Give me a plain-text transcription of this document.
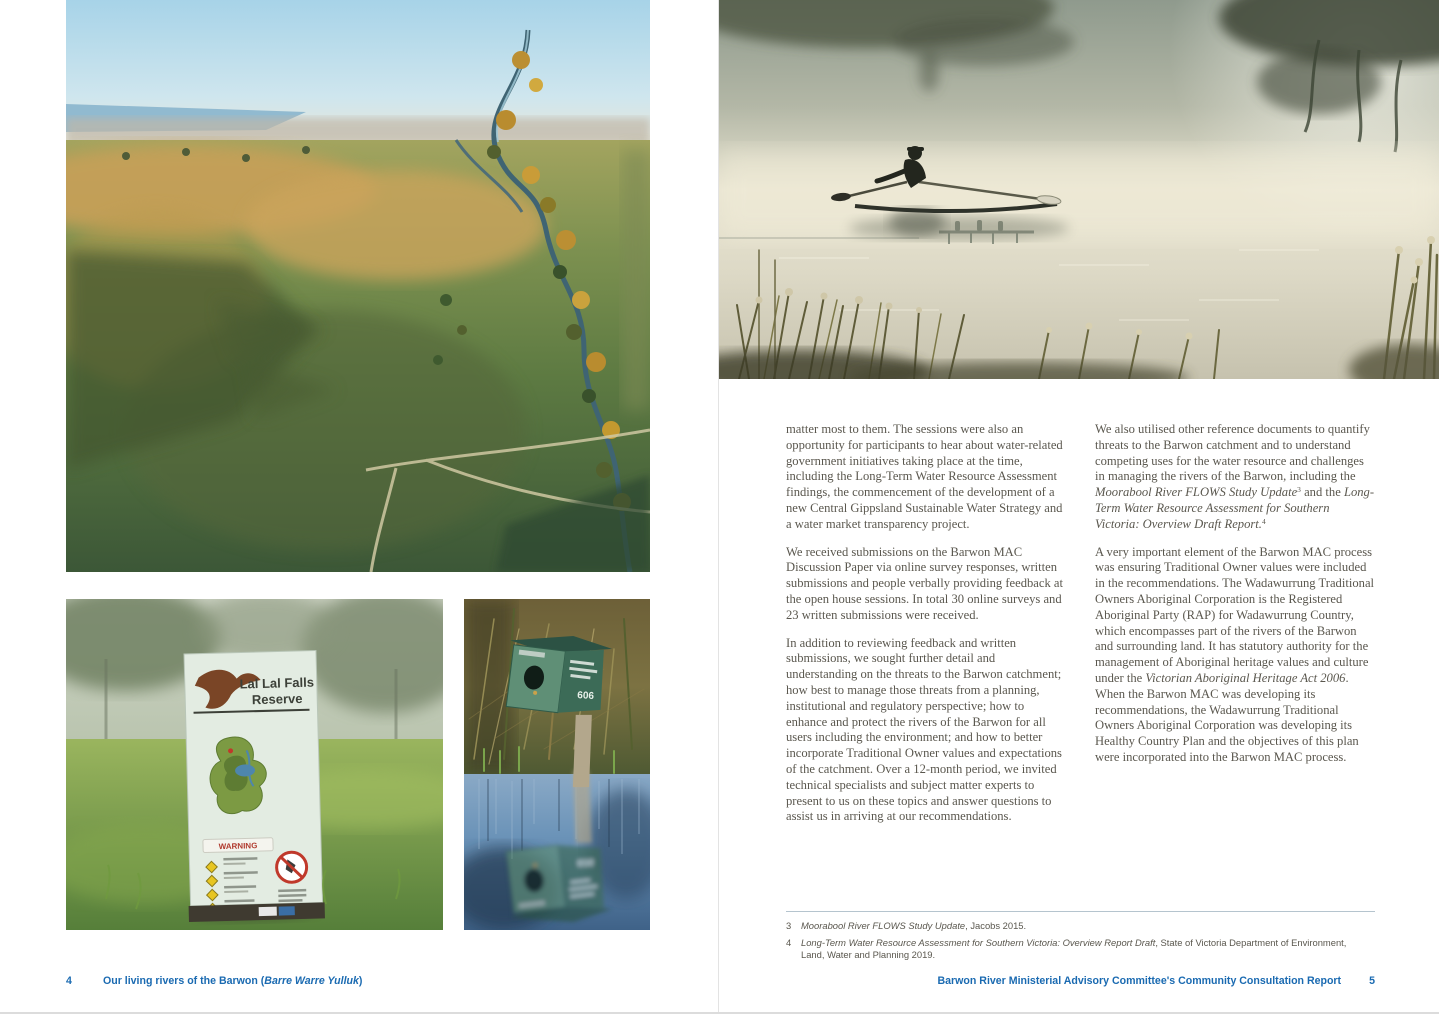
Lal Lal Falls
Reserve
WARNING
606
4	Our living rivers of the Barwon (Barre Warre Yulluk)

matter most to them. The sessions were also an opportunity for participants to hear about water-related government initiatives taking place at the time, including the Long-Term Water Resource Assessment findings, the commencement of the development of a new Central Gippsland Sustainable Water Strategy and a water market transparency project.

We received submissions on the Barwon MAC Discussion Paper via online survey responses, written submissions and people verbally providing feedback at the open house sessions. In total 30 online surveys and 23 written submissions were received.

In addition to reviewing feedback and written submissions, we sought further detail and understanding on the threats to the Barwon catchment; how best to manage those threats from a planning, institutional and regulatory perspective; how to enhance and protect the rivers of the Barwon for all users including the environment; and how to better incorporate Traditional Owner values and expectations of the catchment. Over a 12-month period, we invited technical specialists and subject matter experts to present to us on these topics and answer questions to assist us in arriving at our recommendations.

We also utilised other reference documents to quantify threats to the Barwon catchment and to understand competing uses for the water resource and challenges in managing the rivers of the Barwon, including the Moorabool River FLOWS Study Update$^3$ and the Long-Term Water Resource Assessment for Southern Victoria: Overview Draft Report.$^4$

A very important element of the Barwon MAC process was ensuring Traditional Owner values were included in the recommendations. The Wadawurrung Traditional Owners Aboriginal Corporation is the Registered Aboriginal Party (RAP) for Wadawurrung Country, which encompasses part of the rivers of the Barwon and surrounding land. It has statutory authority for the management of Aboriginal heritage values and culture under the Victorian Aboriginal Heritage Act 2006. When the Barwon MAC was developing its recommendations, the Wadawurrung Traditional Owners Aboriginal Corporation was developing its Healthy Country Plan and the objectives of this plan were incorporated into the Barwon MAC process.

3	Moorabool River FLOWS Study Update, Jacobs 2015.
4	Long-Term Water Resource Assessment for Southern Victoria: Overview Report Draft, State of Victoria Department of Environment, Land, Water and Planning 2019.
Barwon River Ministerial Advisory Committee's Community Consultation Report	5
